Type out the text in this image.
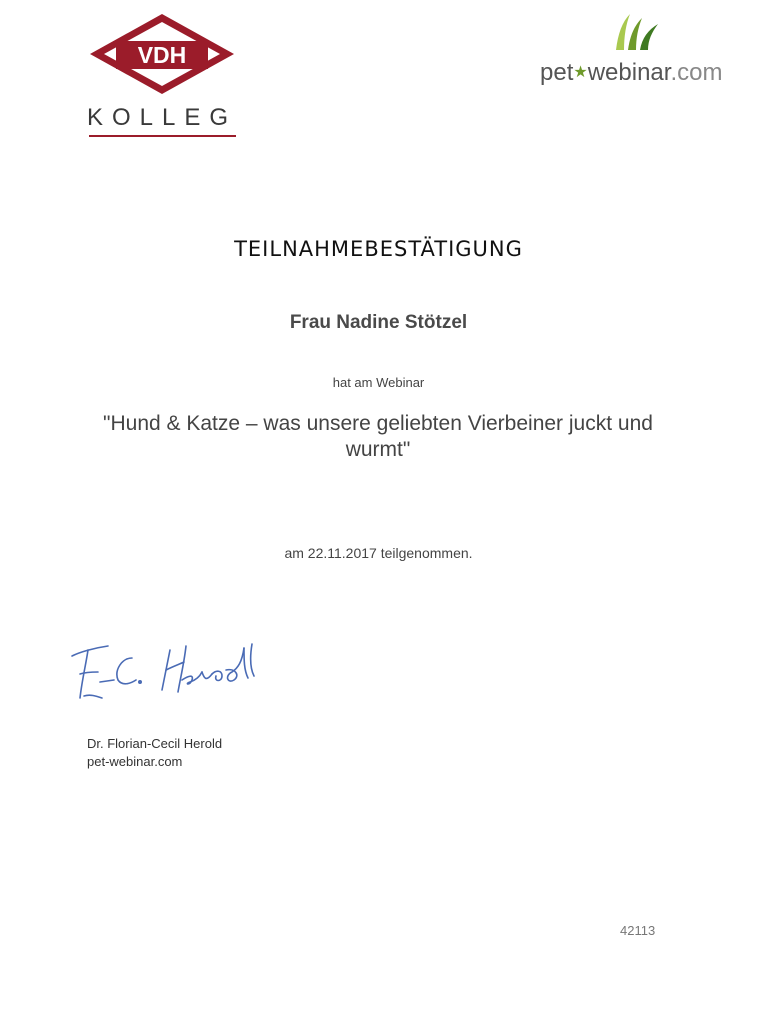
VDH
KOLLEG
pet★webinar.com
TEILNAHMEBESTÄTIGUNG
Frau Nadine Stötzel
hat am Webinar
"Hund & Katze – was unsere geliebten Vierbeiner juckt und wurmt"
am 22.11.2017 teilgenommen.
Dr. Florian-Cecil Herold
pet-webinar.com
42113
